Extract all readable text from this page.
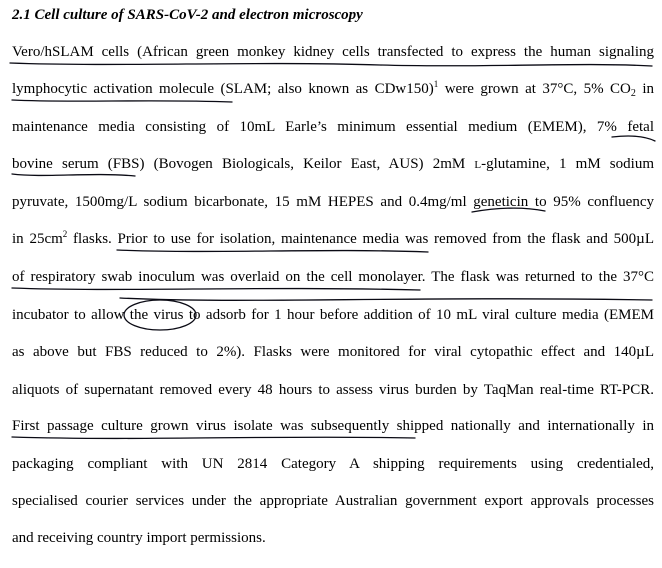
2.1 Cell culture of SARS-CoV-2 and electron microscopy
Vero/hSLAM cells (African green monkey kidney cells transfected to express the human signaling
lymphocytic activation molecule (SLAM; also known as CDw150)$^1$ were grown at 37°C, 5% $CO_2$ in
maintenance media consisting of 10mL Earle’s minimum essential medium (EMEM), 7% fetal
bovine serum (FBS) (Bovogen Biologicals, Keilor East, AUS) 2mM L-glutamine, 1 mM sodium
pyruvate, 1500mg/L sodium bicarbonate, 15 mM HEPES and 0.4mg/ml geneticin to 95% confluency
in $25cm^2$ flasks. Prior to use for isolation, maintenance media was removed from the flask and 500µL
of respiratory swab inoculum was overlaid on the cell monolayer. The flask was returned to the 37°C
incubator to allow the virus to adsorb for 1 hour before addition of 10 mL viral culture media (EMEM
as above but FBS reduced to 2%). Flasks were monitored for viral cytopathic effect and 140µL
aliquots of supernatant removed every 48 hours to assess virus burden by TaqMan real-time RT-PCR.
First passage culture grown virus isolate was subsequently shipped nationally and internationally in
packaging compliant with UN 2814 Category A shipping requirements using credentialed,
specialised courier services under the appropriate Australian government export approvals processes
and receiving country import permissions.
